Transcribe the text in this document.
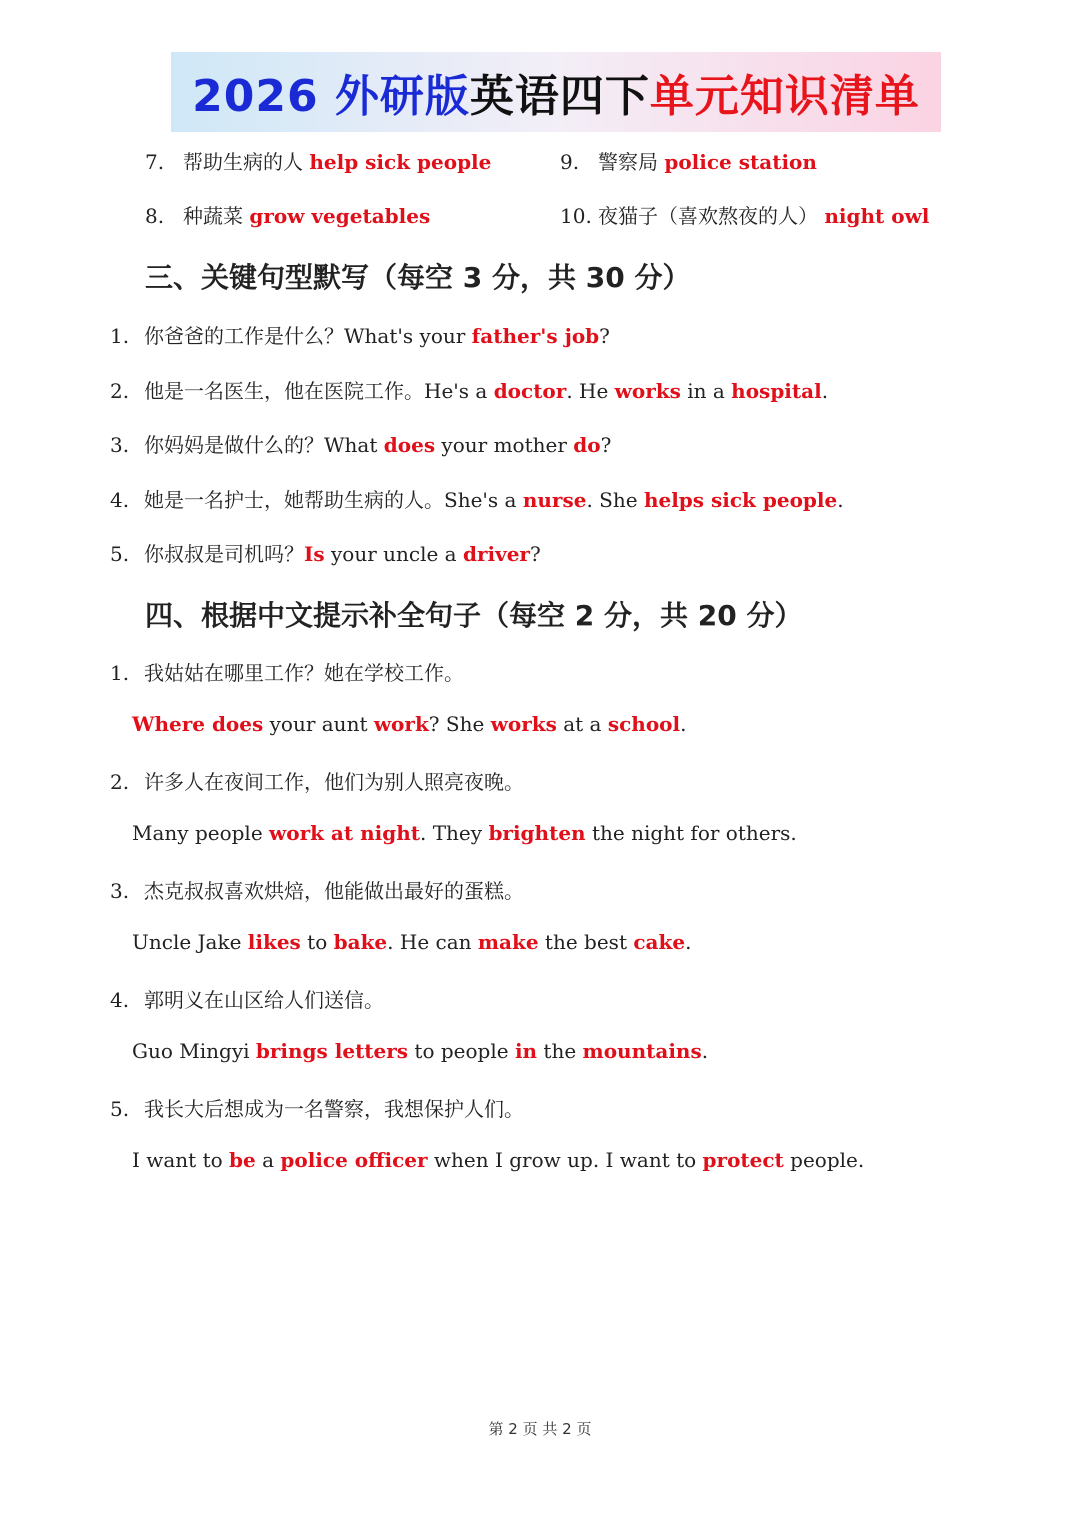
2026 外研版 英语四下 单元知识清单
7. 帮助生病的人 help sick people	9. 警察局 police station
8. 种蔬菜 grow vegetables	10. 夜猫子（喜欢熬夜的人） night owl
三、关键句型默写（每空 3 分，共 30 分）
1. 你爸爸的工作是什么？What's your father's job?
2. 他是一名医生，他在医院工作。He's a doctor. He works in a hospital.
3. 你妈妈是做什么的？What does your mother do?
4. 她是一名护士，她帮助生病的人。She's a nurse. She helps sick people.
5. 你叔叔是司机吗？Is your uncle a driver?
四、根据中文提示补全句子（每空 2 分，共 20 分）
1. 我姑姑在哪里工作？她在学校工作。
Where does your aunt work? She works at a school.
2. 许多人在夜间工作，他们为别人照亮夜晚。
Many people work at night. They brighten the night for others.
3. 杰克叔叔喜欢烘焙，他能做出最好的蛋糕。
Uncle Jake likes to bake. He can make the best cake.
4. 郭明义在山区给人们送信。
Guo Mingyi brings letters to people in the mountains.
5. 我长大后想成为一名警察，我想保护人们。
I want to be a police officer when I grow up. I want to protect people.
第 2 页 共 2 页
